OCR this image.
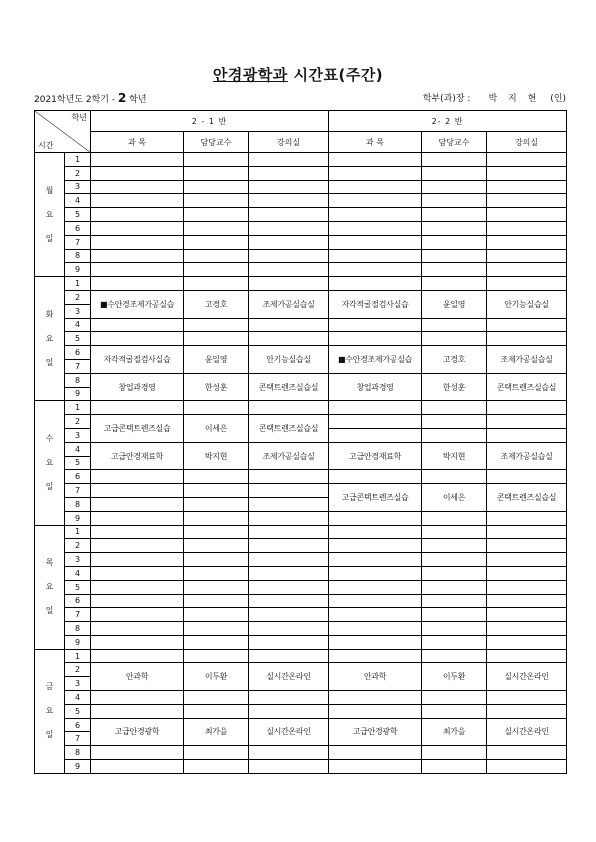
안경광학과 시간표(주간)
2021학년도 2학기 - 2 학년	학부(과)장 : 박 지 현 (인)
학년
시간		2 - 1 반			2- 2 반		
		과 목	담당교수	강의실	과 목	담당교수	강의실

월
요
일	1						
	2						
	3						
	4						
	5						
	6						
	7						
	8						
	9						

화
요
일	1						
	2	■수안경조제가공실습	고경호	조제가공실습실	자각적굴절검사실습	윤일영	안기능실습실
	3						
	4						
	5						
	6	자각적굴절검사실습	윤일영	안기능실습실	■수안경조제가공실습	고경호	조제가공실습실
	7						
	8	창업과경영	한성훈	콘택트렌즈실습실	창업과경영	한성훈	콘택트렌즈실습실
	9						

수
요
일	1						
	2	고급콘택트렌즈실습	이세은	콘택트렌즈실습실			
	3						
	4	고급안경재료학	박지현	조제가공실습실	고급안경재료학	박지현	조제가공실습실
	5						
	6						
	7				고급콘택트렌즈실습	이세은	콘택트렌즈실습실
	8						
	9						

목
요
일	1						
	2						
	3						
	4						
	5						
	6						
	7						
	8						
	9						

금
요
일	1						
	2	안과학	이두환	실시간온라인	안과학	이두환	실시간온라인
	3						
	4						
	5						
	6	고급안경광학	최가을	실시간온라인	고급안경광학	최가을	실시간온라인
	7						
	8						
	9						
